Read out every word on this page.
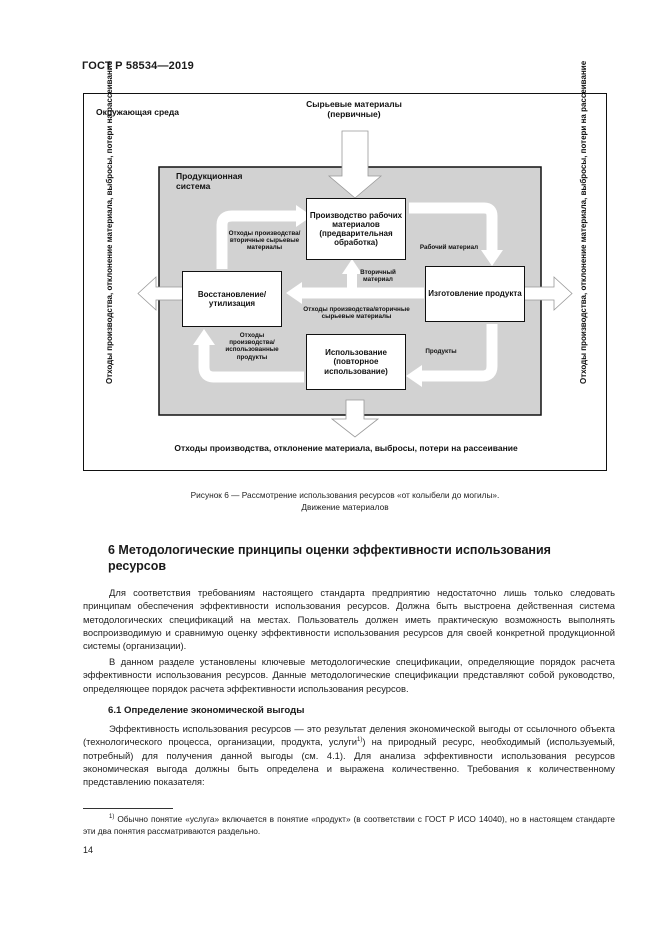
ГОСТ Р 58534—2019
Окружающая среда
Сырьевые материалы (первичные)
Продукционная система
Производство рабочих материалов (предварительная обработка)
Изготовление продукта
Восстановление/ утилизация
Использование (повторное использование)
Отходы производства/ вторичные сырьевые материалы	Рабочий материал
Вторичный материал
Отходы производства/вторичные сырьевые материалы
Отходы производства/ использованные продукты
Продукты
Отходы производства, отклонение материала, выбросы, потери на рассеивание	Отходы производства, отклонение материала, выбросы, потери на рассеивание
Отходы производства, отклонение материала, выбросы, потери на рассеивание
Рисунок 6 — Рассмотрение использования ресурсов «от колыбели до могилы».
Движение материалов
6 Методологические принципы оценки эффективности использования ресурсов
Для соответствия требованиям настоящего стандарта предприятию недостаточно лишь только следовать принципам обеспечения эффективности использования ресурсов. Должна быть выстроена действенная система методологических спецификаций на местах. Пользователь должен иметь практическую возможность выполнять воспроизводимую и сравнимую оценку эффективности использования ресурсов для своей конкретной продукционной системы (организации).
В данном разделе установлены ключевые методологические спецификации, определяющие порядок расчета эффективности использования ресурсов. Данные методологические спецификации представляют собой руководство, определяющее порядок расчета эффективности использования ресурсов.
6.1 Определение экономической выгоды
Эффективность использования ресурсов — это результат деления экономической выгоды от ссылочного объекта (технологического процесса, организации, продукта, услуги$^{1)}$) на природный ресурс, необходимый (используемый, потребный) для получения данной выгоды (см. 4.1). Для анализа эффективности использования ресурсов экономическая выгода должны быть определена и выражена количественно. Требования к количественному представлению показателя:
$^{1)}$ Обычно понятие «услуга» включается в понятие «продукт» (в соответствии с ГОСТ Р ИСО 14040), но в настоящем стандарте эти два понятия рассматриваются раздельно.
14
